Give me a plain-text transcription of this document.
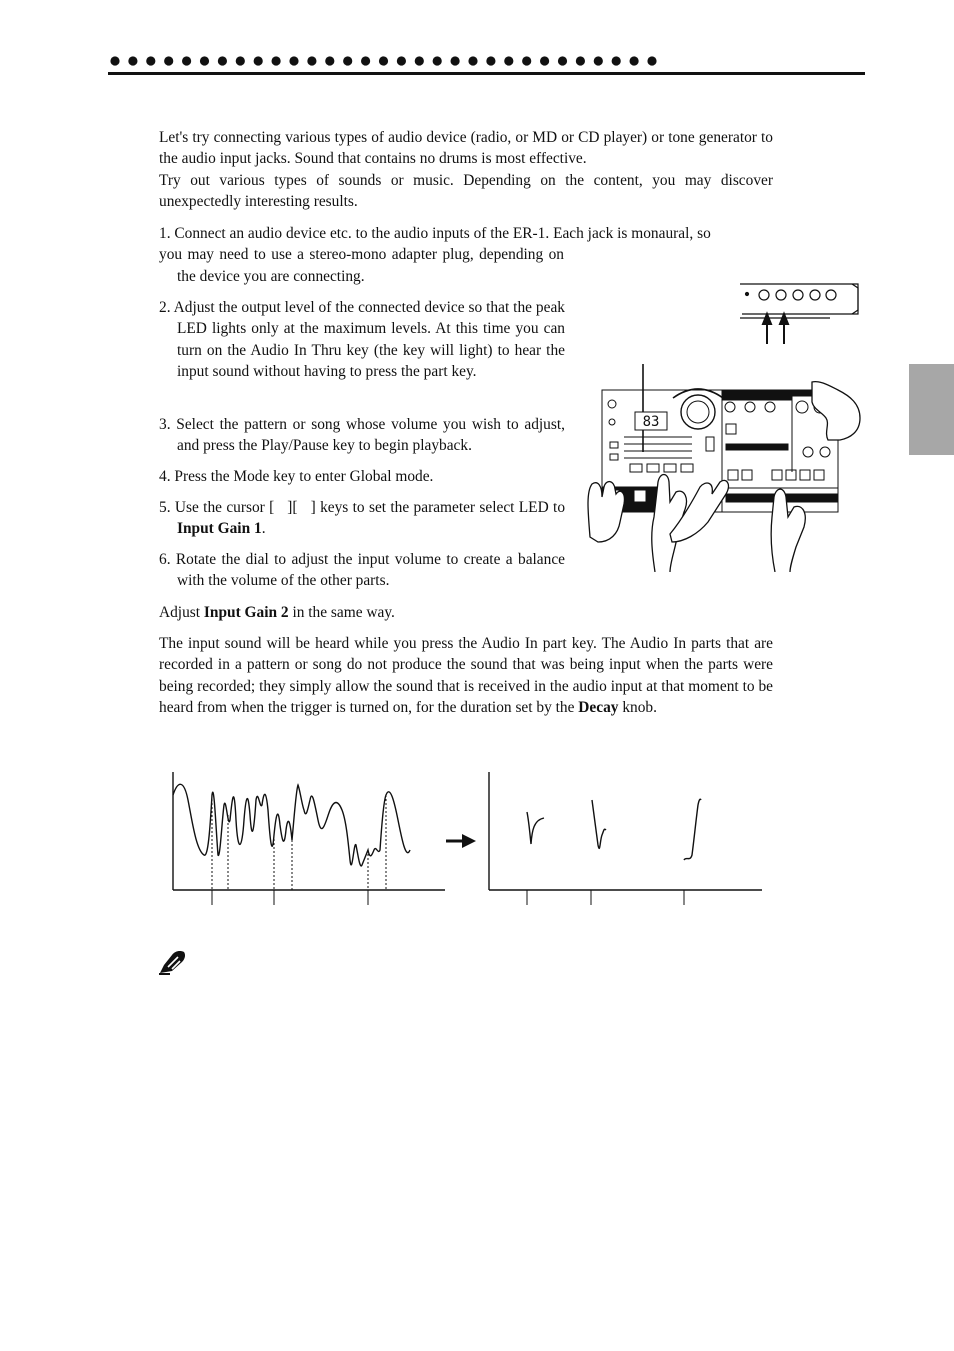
Let's try connecting various types of audio device (radio, or MD or CD player) or tone generator to the audio input jacks. Sound that contains no drums is most effective.
Try out various types of sounds or music. Depending on the content, you may discover unexpectedly interesting results.
1. Connect an audio device etc. to the audio inputs of the ER-1. Each jack is monaural, so
you may need to use a stereo-mono adapter plug, depending on the device you are connecting.
2. Adjust the output level of the connected device so that the peak LED lights only at the maximum levels. At this time you can turn on the Audio In Thru key (the key will light) to hear the input sound without having to press the part key.
3. Select the pattern or song whose volume you wish to adjust, and press the Play/Pause key to begin playback.
4. Press the Mode key to enter Global mode.
5. Use the cursor [ ][ ] keys to set the parameter select LED to Input Gain 1.
6. Rotate the dial to adjust the input volume to create a balance with the volume of the other parts.
Adjust Input Gain 2 in the same way.
The input sound will be heard while you press the Audio In part key. The Audio In parts that are recorded in a pattern or song do not produce the sound that was being input when the parts were being recorded; they simply allow the sound that is received in the audio input at that moment to be heard from when the trigger is turned on, for the duration set by the Decay knob.
83
